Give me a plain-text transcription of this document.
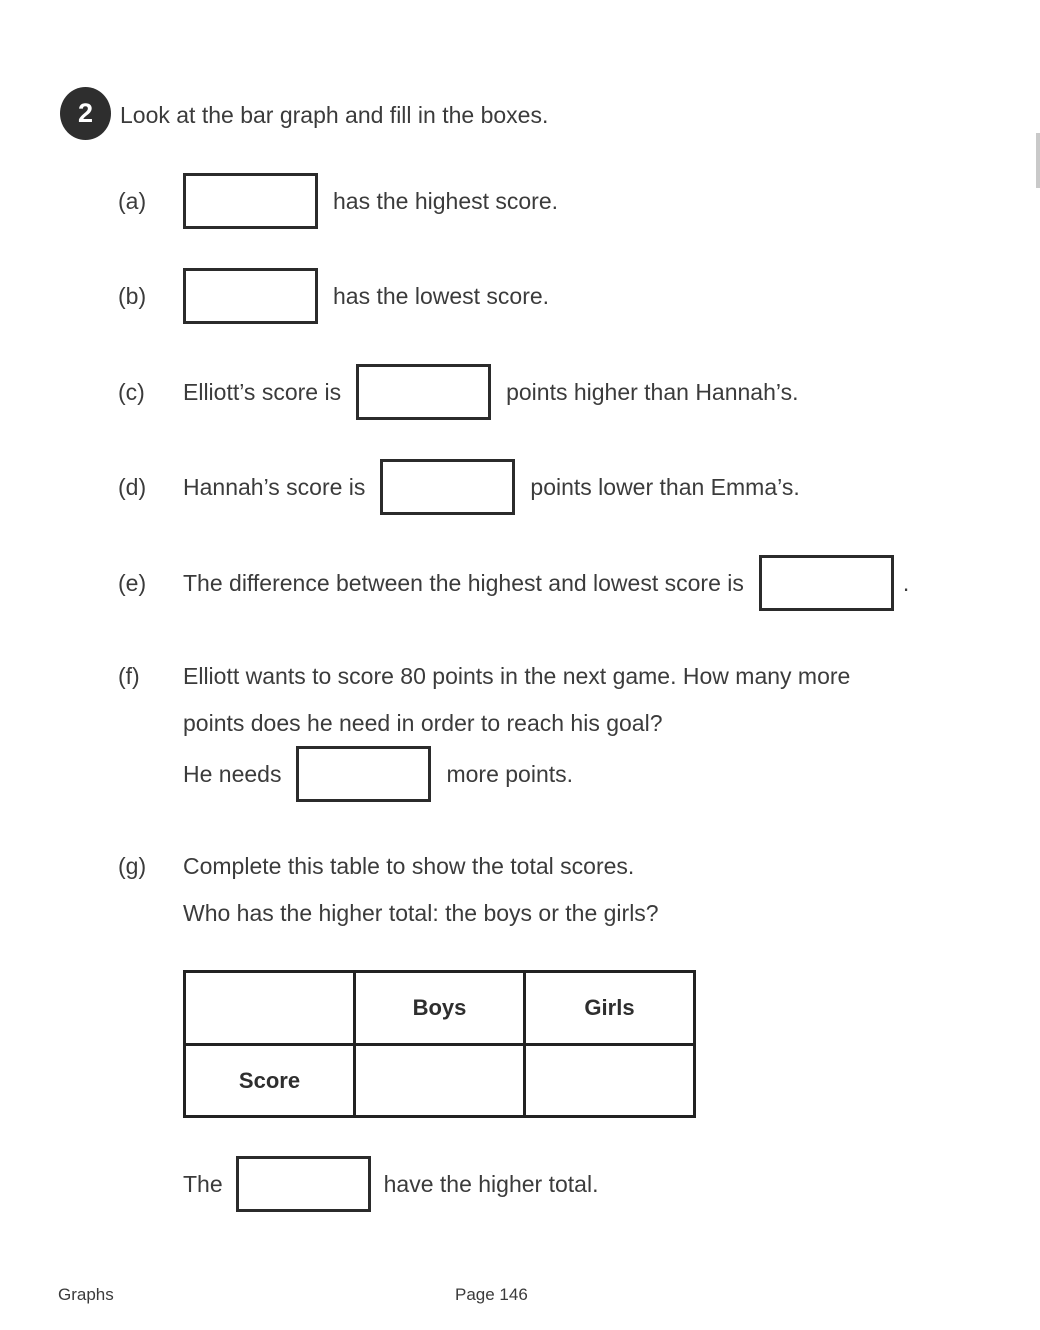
2 Look at the bar graph and fill in the boxes.
(a)	has the highest score.
(b)	has the lowest score.
(c)	Elliott’s score is	points higher than Hannah’s.
(d)	Hannah’s score is	points lower than Emma’s.
(e)	The difference between the highest and lowest score is	.
(f) Elliott wants to score 80 points in the next game. How many more
points does he need in order to reach his goal?
He needs	more points.
(g) Complete this table to show the total scores.
Who has the higher total: the boys or the girls?
	Boys	Girls
Score		
The	have the higher total.
Graphs	Page 146
